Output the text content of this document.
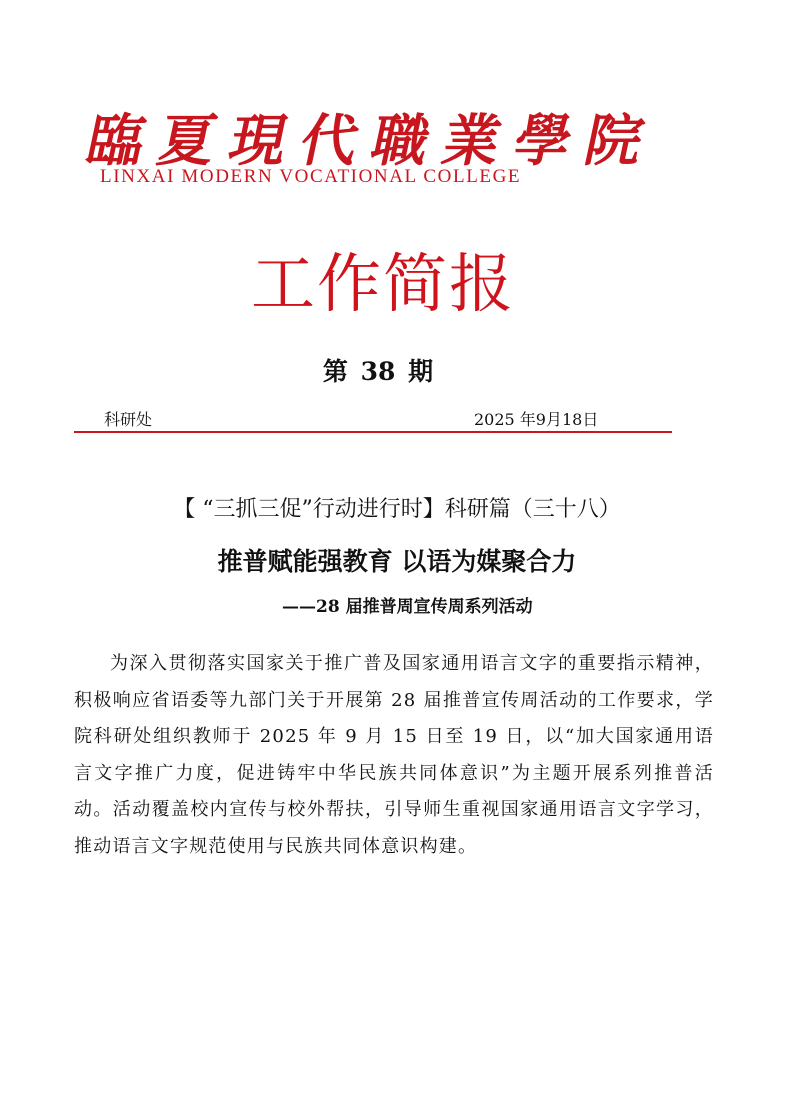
臨 夏 現 代 職 業 學 院
LINXAI MODERN VOCATIONAL COLLEGE
工作简报
第 38 期
科研处	2025 年9月18日
【 “三抓三促”行动进行时】科研篇（三十八）
推普赋能强教育 以语为媒聚合力
——28 届推普周宣传周系列活动

为深入贯彻落实国家关于推广普及国家通用语言文字的重要指示精神，积极响应省语委等九部门关于开展第 28 届推普宣传周活动的工作要求，学院科研处组织教师于 2025 年 9 月 15 日至 19 日，以“加大国家通用语言文字推广力度，促进铸牢中华民族共同体意识”为主题开展系列推普活动。活动覆盖校内宣传与校外帮扶，引导师生重视国家通用语言文字学习，推动语言文字规范使用与民族共同体意识构建。
